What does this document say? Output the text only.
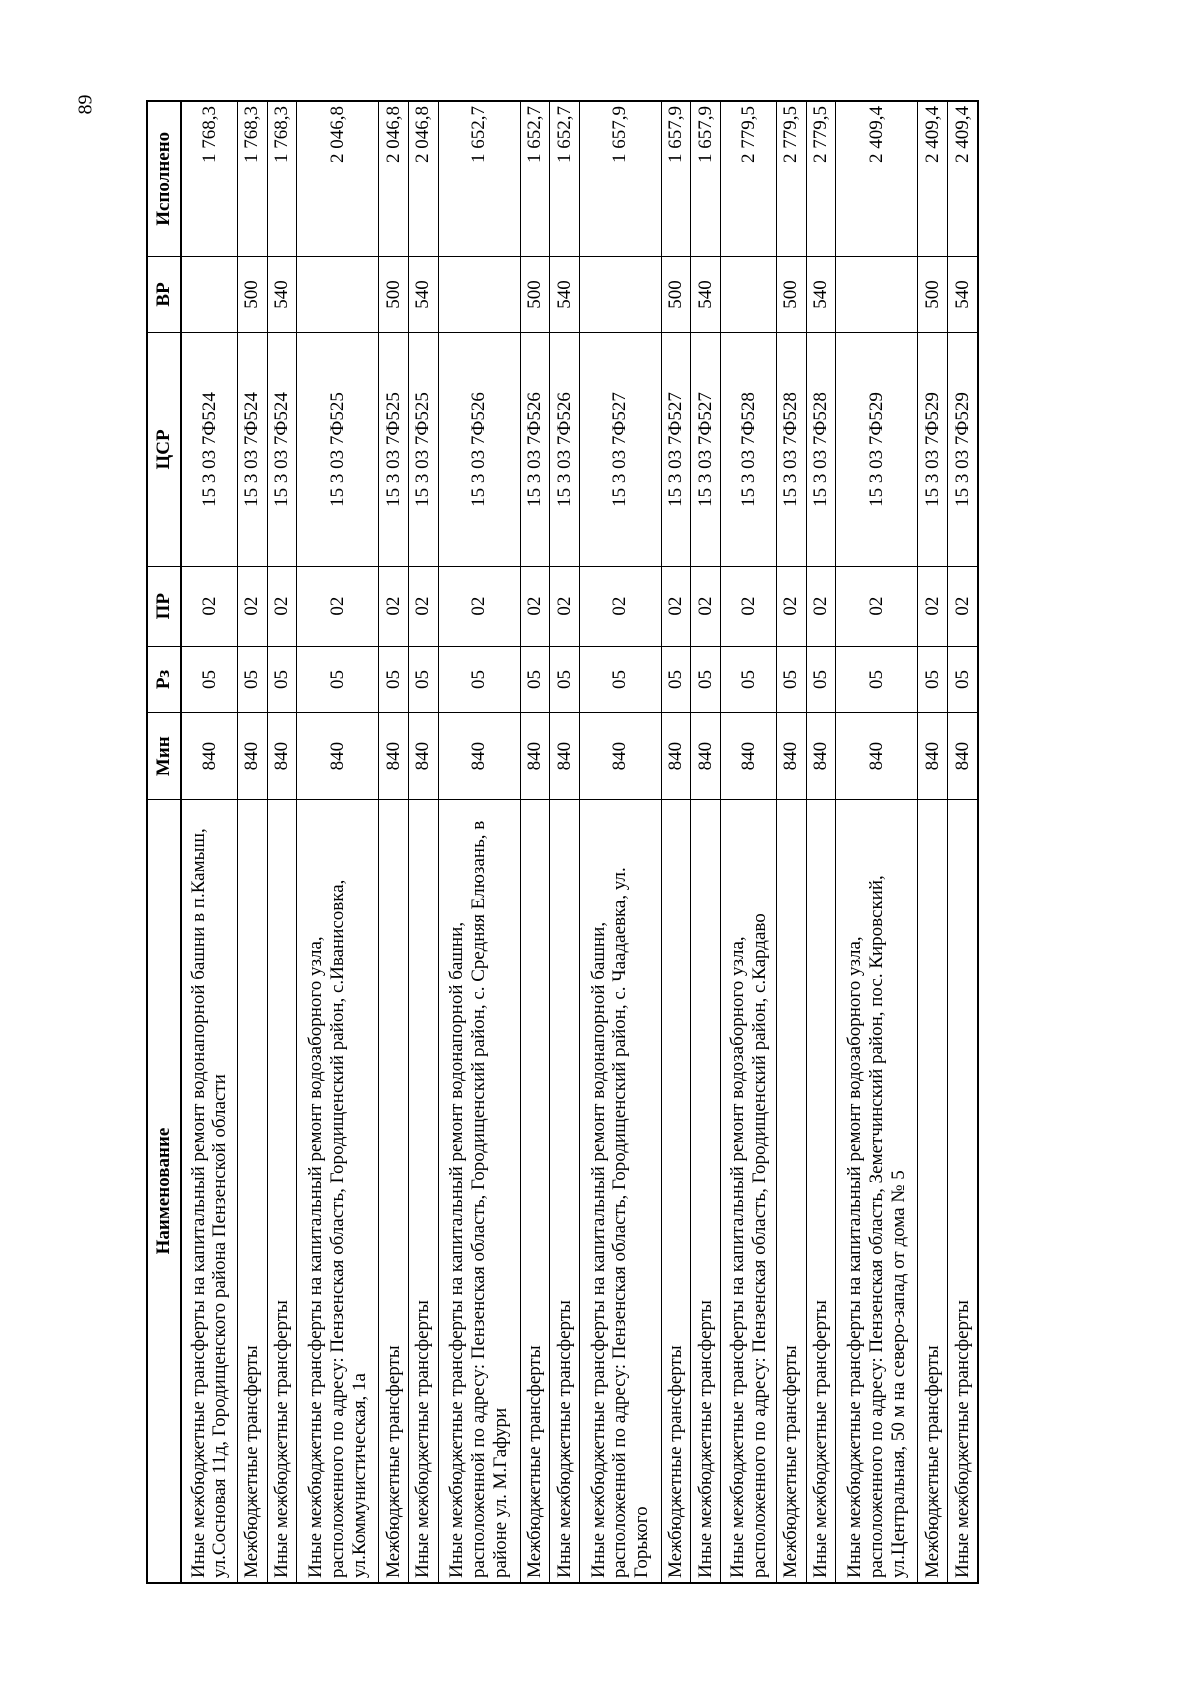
89
Наименование	Мин	Рз	ПР	ЦСР	ВР	Исполнено
Иные межбюджетные трансферты на капитальный ремонт водонапорной башни в п.Камыш, ул.Сосновая 11д, Городищенского района Пензенской области	840	05	02	15 3 03 7Ф524		1 768,3
Межбюджетные трансферты	840	05	02	15 3 03 7Ф524	500	1 768,3
Иные межбюджетные трансферты	840	05	02	15 3 03 7Ф524	540	1 768,3
Иные межбюджетные трансферты на капитальный ремонт водозаборного узла, расположенного по адресу: Пензенская область, Городищенский район, с.Иванисовка, ул.Коммунистическая, 1а	840	05	02	15 3 03 7Ф525		2 046,8
Межбюджетные трансферты	840	05	02	15 3 03 7Ф525	500	2 046,8
Иные межбюджетные трансферты	840	05	02	15 3 03 7Ф525	540	2 046,8
Иные межбюджетные трансферты на капитальный ремонт водонапорной башни, расположенной по адресу: Пензенская область, Городищенский район, с. Средняя Елюзань, в районе ул. М.Гафури	840	05	02	15 3 03 7Ф526		1 652,7
Межбюджетные трансферты	840	05	02	15 3 03 7Ф526	500	1 652,7
Иные межбюджетные трансферты	840	05	02	15 3 03 7Ф526	540	1 652,7
Иные межбюджетные трансферты на капитальный ремонт водонапорной башни, расположенной по адресу: Пензенская область, Городищенский район, с. Чаадаевка, ул. Горького	840	05	02	15 3 03 7Ф527		1 657,9
Межбюджетные трансферты	840	05	02	15 3 03 7Ф527	500	1 657,9
Иные межбюджетные трансферты	840	05	02	15 3 03 7Ф527	540	1 657,9
Иные межбюджетные трансферты на капитальный ремонт водозаборного узла, расположенного по адресу: Пензенская область, Городищенский район, с.Кардаво	840	05	02	15 3 03 7Ф528		2 779,5
Межбюджетные трансферты	840	05	02	15 3 03 7Ф528	500	2 779,5
Иные межбюджетные трансферты	840	05	02	15 3 03 7Ф528	540	2 779,5
Иные межбюджетные трансферты на капитальный ремонт водозаборного узла, расположенного по адресу: Пензенская область, Земетчинский район, пос. Кировский, ул.Центральная, 50 м на северо-запад от дома № 5	840	05	02	15 3 03 7Ф529		2 409,4
Межбюджетные трансферты	840	05	02	15 3 03 7Ф529	500	2 409,4
Иные межбюджетные трансферты	840	05	02	15 3 03 7Ф529	540	2 409,4
